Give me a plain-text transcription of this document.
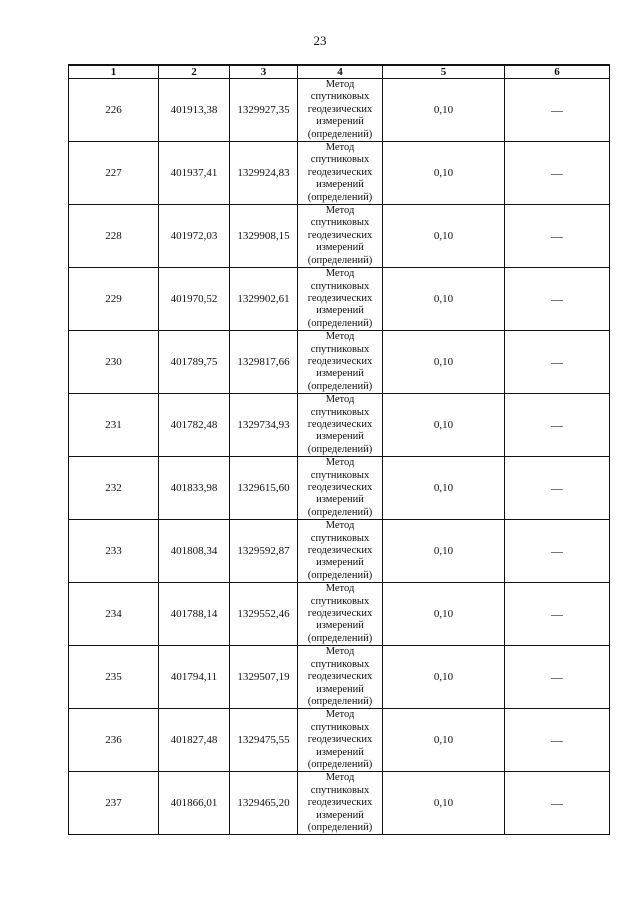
23
1	2	3	4	5	6
226	401913,38	1329927,35	Метод
спутниковых
геодезических
измерений
(определений)	0,10	—
227	401937,41	1329924,83	Метод
спутниковых
геодезических
измерений
(определений)	0,10	—
228	401972,03	1329908,15	Метод
спутниковых
геодезических
измерений
(определений)	0,10	—
229	401970,52	1329902,61	Метод
спутниковых
геодезических
измерений
(определений)	0,10	—
230	401789,75	1329817,66	Метод
спутниковых
геодезических
измерений
(определений)	0,10	—
231	401782,48	1329734,93	Метод
спутниковых
геодезических
измерений
(определений)	0,10	—
232	401833,98	1329615,60	Метод
спутниковых
геодезических
измерений
(определений)	0,10	—
233	401808,34	1329592,87	Метод
спутниковых
геодезических
измерений
(определений)	0,10	—
234	401788,14	1329552,46	Метод
спутниковых
геодезических
измерений
(определений)	0,10	—
235	401794,11	1329507,19	Метод
спутниковых
геодезических
измерений
(определений)	0,10	—
236	401827,48	1329475,55	Метод
спутниковых
геодезических
измерений
(определений)	0,10	—
237	401866,01	1329465,20	Метод
спутниковых
геодезических
измерений
(определений)	0,10	—
